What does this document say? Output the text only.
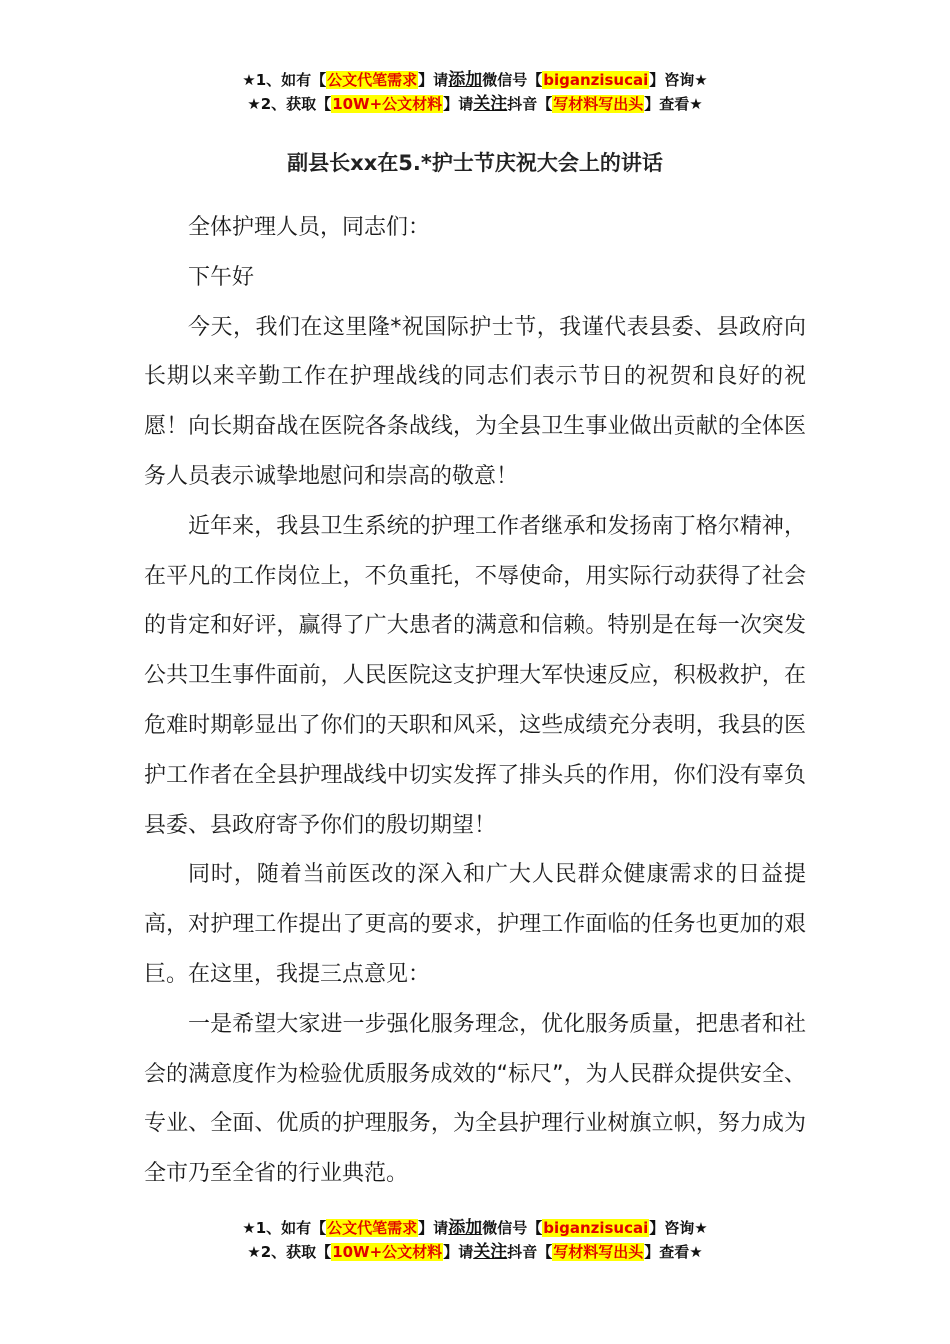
★1、如有【公文代笔需求】请添加微信号【biganzisucai】咨询★
★2、获取【10W+公文材料】请关注抖音【写材料写出头】查看★
副县长xx在5.*护士节庆祝大会上的讲话

全体护理人员，同志们：

下午好

今天，我们在这里隆*祝国际护士节，我谨代表县委、县政府向长期以来辛勤工作在护理战线的同志们表示节日的祝贺和良好的祝愿！向长期奋战在医院各条战线，为全县卫生事业做出贡献的全体医务人员表示诚挚地慰问和崇高的敬意！

近年来，我县卫生系统的护理工作者继承和发扬南丁格尔精神，在平凡的工作岗位上，不负重托，不辱使命，用实际行动获得了社会的肯定和好评，赢得了广大患者的满意和信赖。特别是在每一次突发公共卫生事件面前，人民医院这支护理大军快速反应，积极救护，在危难时期彰显出了你们的天职和风采，这些成绩充分表明，我县的医护工作者在全县护理战线中切实发挥了排头兵的作用，你们没有辜负县委、县政府寄予你们的殷切期望！

同时，随着当前医改的深入和广大人民群众健康需求的日益提高，对护理工作提出了更高的要求，护理工作面临的任务也更加的艰巨。在这里，我提三点意见：

一是希望大家进一步强化服务理念，优化服务质量，把患者和社会的满意度作为检验优质服务成效的“标尺”，为人民群众提供安全、专业、全面、优质的护理服务，为全县护理行业树旗立帜，努力成为全市乃至全省的行业典范。

★1、如有【公文代笔需求】请添加微信号【biganzisucai】咨询★
★2、获取【10W+公文材料】请关注抖音【写材料写出头】查看★
